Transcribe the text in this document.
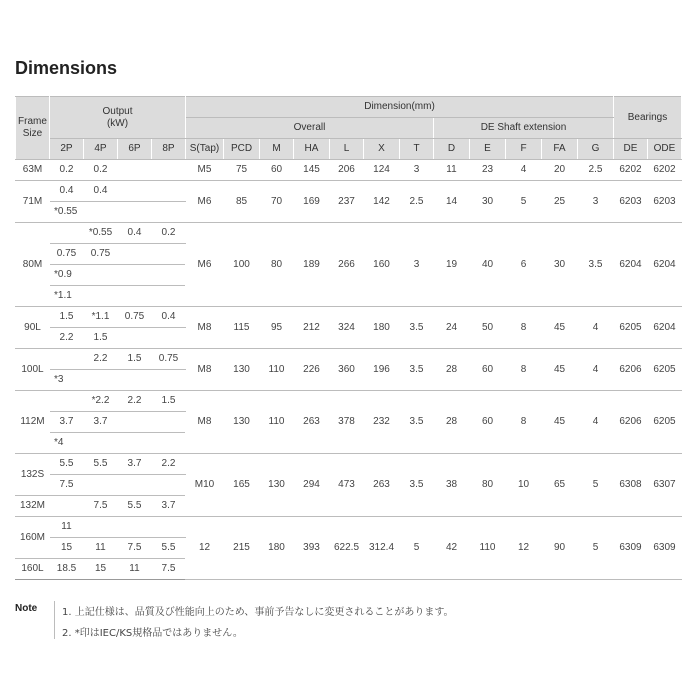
Dimensions
Frame
Size	Output
(kW)				Dimension(mm)												Bearings	
					Overall							DE Shaft extension						
	2P	4P	6P	8P	S(Tap)	PCD	M	HA	L	X	T	D	E	F	FA	G	DE	ODE
63M	0.2	0.2			M5	75	60	145	206	124	3	11	23	4	20	2.5	6202	6202
71M	0.4	0.4			M6	85	70	169	237	142	2.5	14	30	5	25	3	6203	6203
	*0.55																	
80M		*0.55	0.4	0.2	M6	100	80	189	266	160	3	19	40	6	30	3.5	6204	6204
	0.75	0.75																
	*0.9																	
	*1.1																	
90L	1.5	*1.1	0.75	0.4	M8	115	95	212	324	180	3.5	24	50	8	45	4	6205	6204
	2.2	1.5																
100L		2.2	1.5	0.75	M8	130	110	226	360	196	3.5	28	60	8	45	4	6206	6205
	*3																	
112M		*2.2	2.2	1.5	M8	130	110	263	378	232	3.5	28	60	8	45	4	6206	6205
	3.7	3.7																
	*4																	
132S	5.5	5.5	3.7	2.2	M10	165	130	294	473	263	3.5	38	80	10	65	5	6308	6307
	7.5																	
132M		7.5	5.5	3.7														
160M	11				12	215	180	393	622.5	312.4	5	42	110	12	90	5	6309	6309
	15	11	7.5	5.5														
160L	18.5	15	11	7.5														
Note 1. 上記仕様は、品質及び性能向上のため、事前予告なしに変更されることがあります。
2. *印はIEC/KS規格品ではありません。
